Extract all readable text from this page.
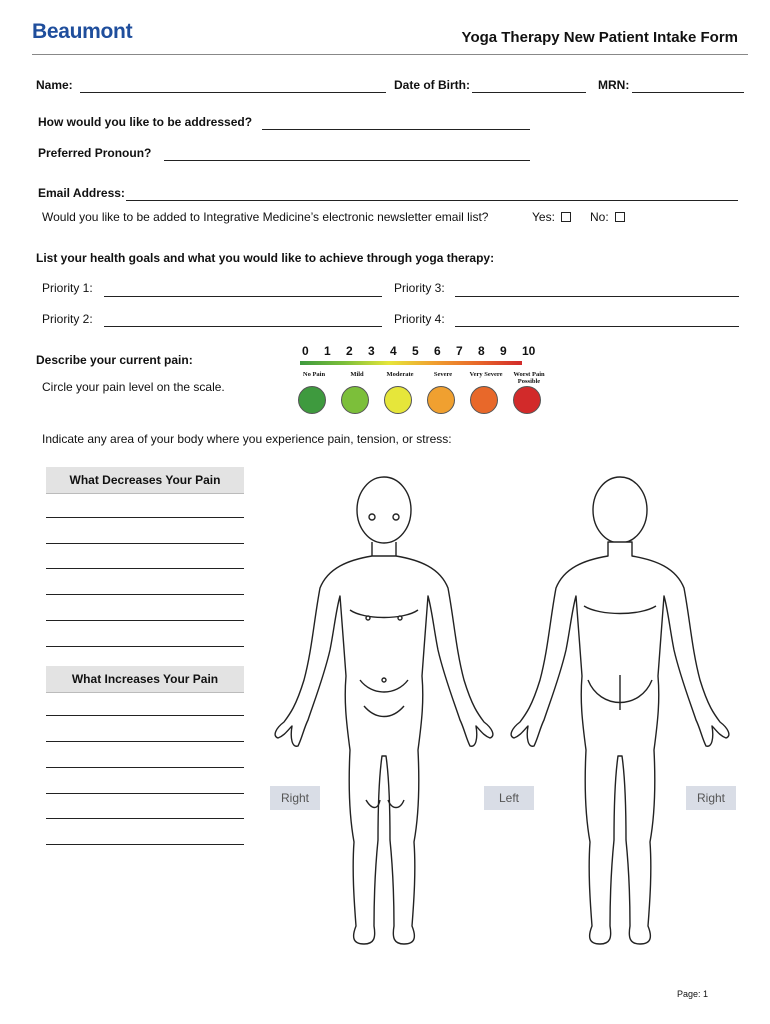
Beaumont	Yoga Therapy New Patient Intake Form
Name:	Date of Birth:	MRN:
How would you like to be addressed?
Preferred Pronoun?
Email Address:
Would you like to be added to Integrative Medicine’s electronic newsletter email list?	Yes:	No:
List your health goals and what you would like to achieve through yoga therapy:
Priority 1:	Priority 3:
Priority 2:	Priority 4:
Describe your current pain:
Circle your pain level on the scale.
0 1 2 3 4 5 6 7 8 9 10
No Pain	Mild	Moderate	Severe	Very Severe	Worst Pain Possible
Indicate any area of your body where you experience pain, tension, or stress:
What Decreases Your Pain
What Increases Your Pain
Right	Left	Right
Page: 1
